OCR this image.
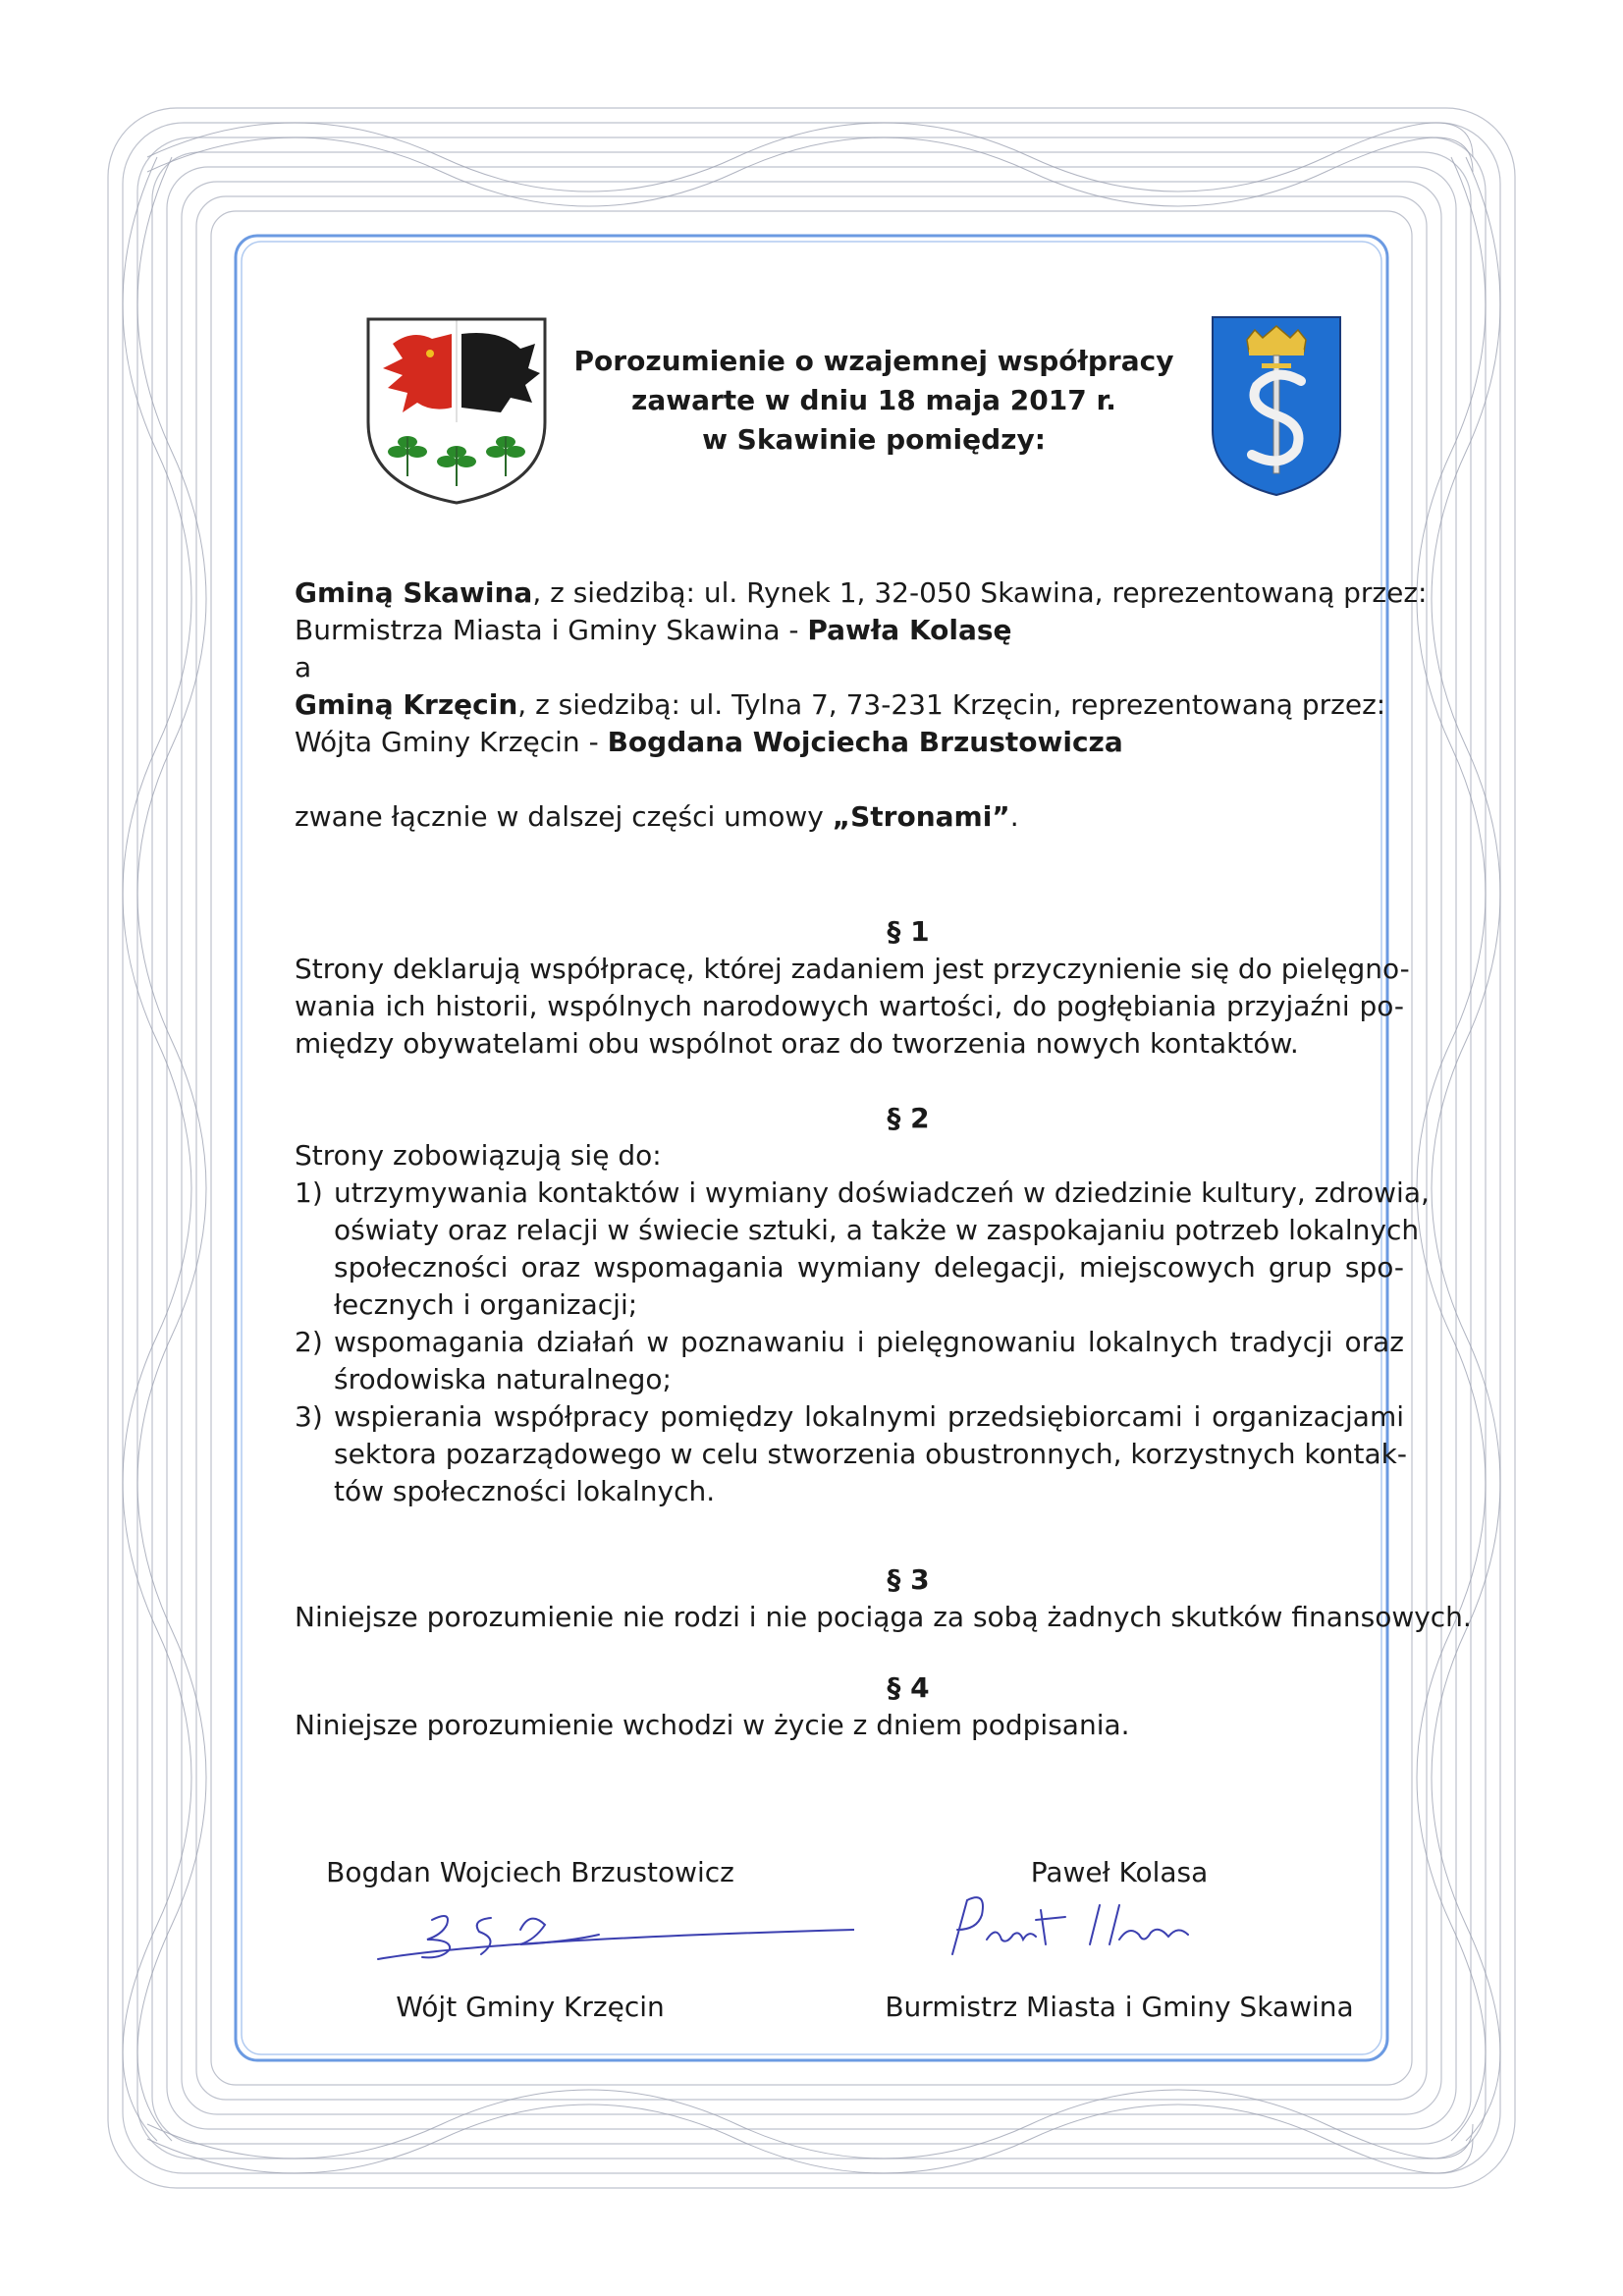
Porozumienie o wzajemnej współpracy
zawarte w dniu 18 maja 2017 r.
w Skawinie pomiędzy:
Gminą Skawina, z siedzibą: ul. Rynek 1, 32-050 Skawina, reprezentowaną przez:
Burmistrza Miasta i Gminy Skawina - Pawła Kolasę
a
Gminą Krzęcin, z siedzibą: ul. Tylna 7, 73-231 Krzęcin, reprezentowaną przez:
Wójta Gminy Krzęcin - Bogdana Wojciecha Brzustowicza
zwane łącznie w dalszej części umowy „Stronami”.
§ 1
Strony deklarują współpracę, której zadaniem jest przyczynienie się do pielęgno-
wania ich historii, wspólnych narodowych wartości, do pogłębiania przyjaźni po-
między obywatelami obu wspólnot oraz do tworzenia nowych kontaktów.
§ 2
Strony zobowiązują się do:
1) utrzymywania kontaktów i wymiany doświadczeń w dziedzinie kultury, zdrowia,
oświaty oraz relacji w świecie sztuki, a także w zaspokajaniu potrzeb lokalnych
społeczności oraz wspomagania wymiany delegacji, miejscowych grup spo-
łecznych i organizacji;
2) wspomagania działań w poznawaniu i pielęgnowaniu lokalnych tradycji oraz
środowiska naturalnego;
3) wspierania współpracy pomiędzy lokalnymi przedsiębiorcami i organizacjami
sektora pozarządowego w celu stworzenia obustronnych, korzystnych kontak-
tów społeczności lokalnych.
§ 3
Niniejsze porozumienie nie rodzi i nie pociąga za sobą żadnych skutków finansowych.
§ 4
Niniejsze porozumienie wchodzi w życie z dniem podpisania.
Bogdan Wojciech Brzustowicz
Wójt Gminy Krzęcin
Paweł Kolasa
Burmistrz Miasta i Gminy Skawina
